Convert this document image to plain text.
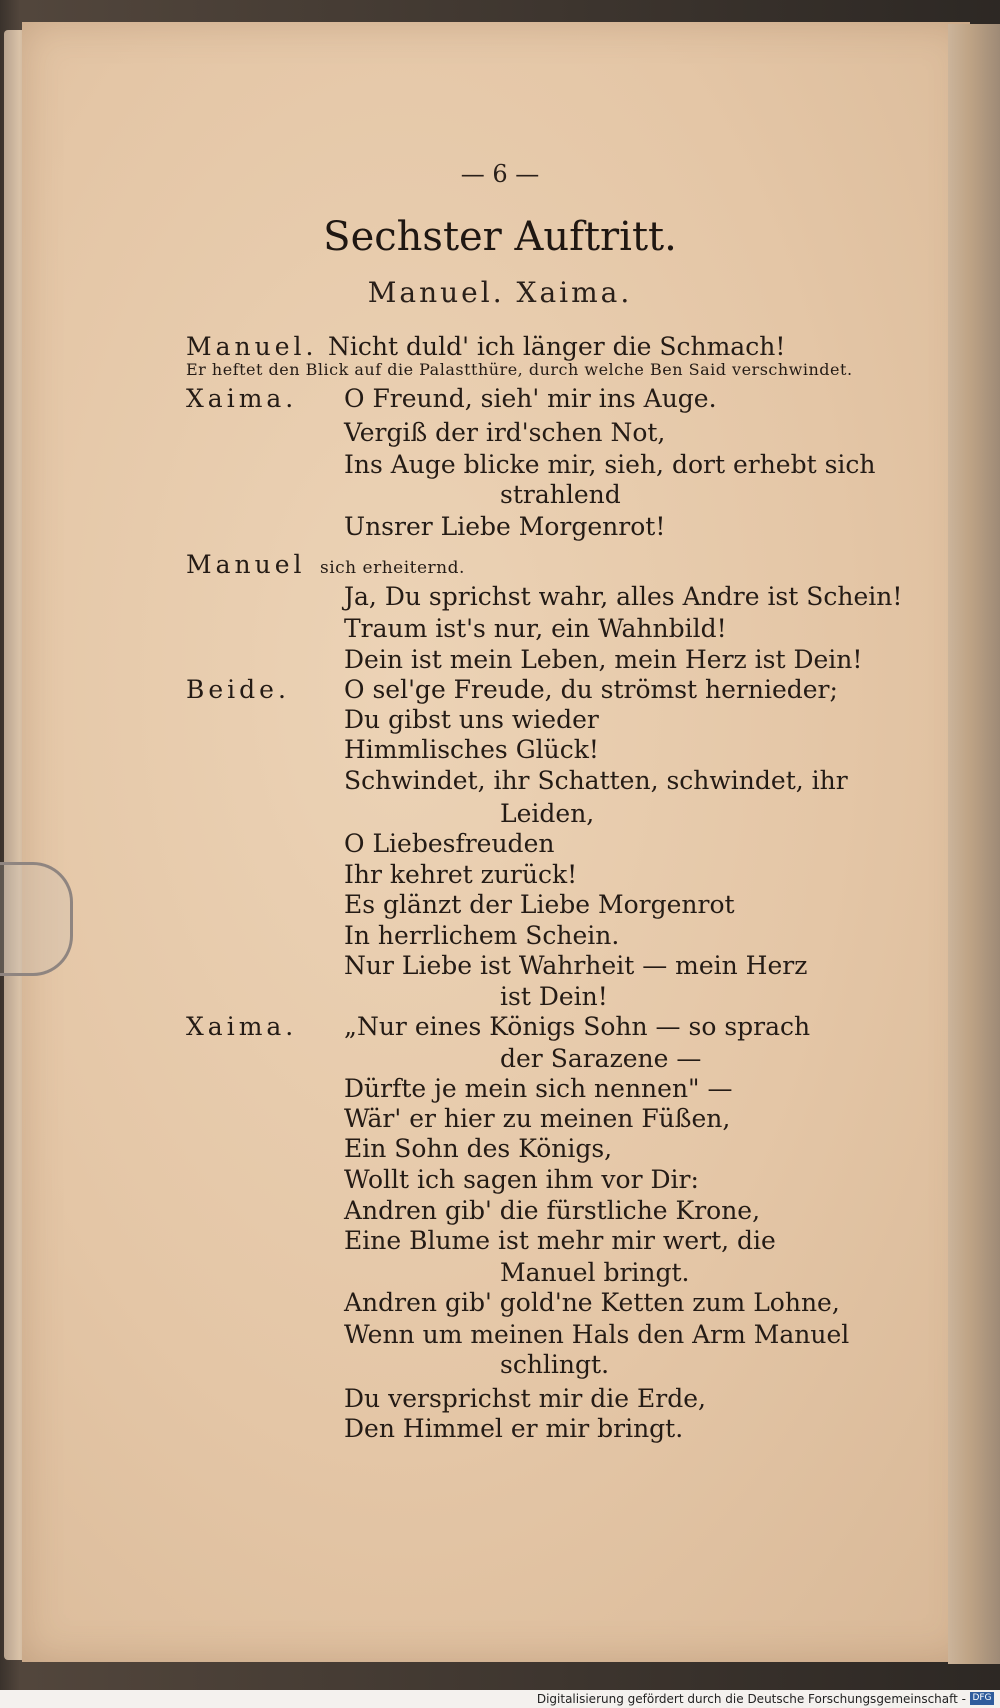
— 6 —
Sechster Auftritt.
Manuel. Xaima.
Manuel. Nicht duld' ich länger die Schmach!
Er heftet den Blick auf die Palastthüre, durch welche Ben Said verschwindet.
Xaima. O Freund, sieh' mir ins Auge.
Vergiß der ird'schen Not,
Ins Auge blicke mir, sieh, dort erhebt sich
strahlend
Unsrer Liebe Morgenrot!
Manuel sich erheiternd.
Ja, Du sprichst wahr, alles Andre ist Schein!
Traum ist's nur, ein Wahnbild!
Dein ist mein Leben, mein Herz ist Dein!
Beide. O sel'ge Freude, du strömst hernieder;
Du gibst uns wieder
Himmlisches Glück!
Schwindet, ihr Schatten, schwindet, ihr
Leiden,
O Liebesfreuden
Ihr kehret zurück!
Es glänzt der Liebe Morgenrot
In herrlichem Schein.
Nur Liebe ist Wahrheit — mein Herz
ist Dein!
Xaima. „Nur eines Königs Sohn — so sprach
der Sarazene —
Dürfte je mein sich nennen" —
Wär' er hier zu meinen Füßen,
Ein Sohn des Königs,
Wollt ich sagen ihm vor Dir:
Andren gib' die fürstliche Krone,
Eine Blume ist mehr mir wert, die
Manuel bringt.
Andren gib' gold'ne Ketten zum Lohne,
Wenn um meinen Hals den Arm Manuel
schlingt.
Du versprichst mir die Erde,
Den Himmel er mir bringt.
Digitalisierung gefördert durch die Deutsche Forschungsgemeinschaft - DFG
